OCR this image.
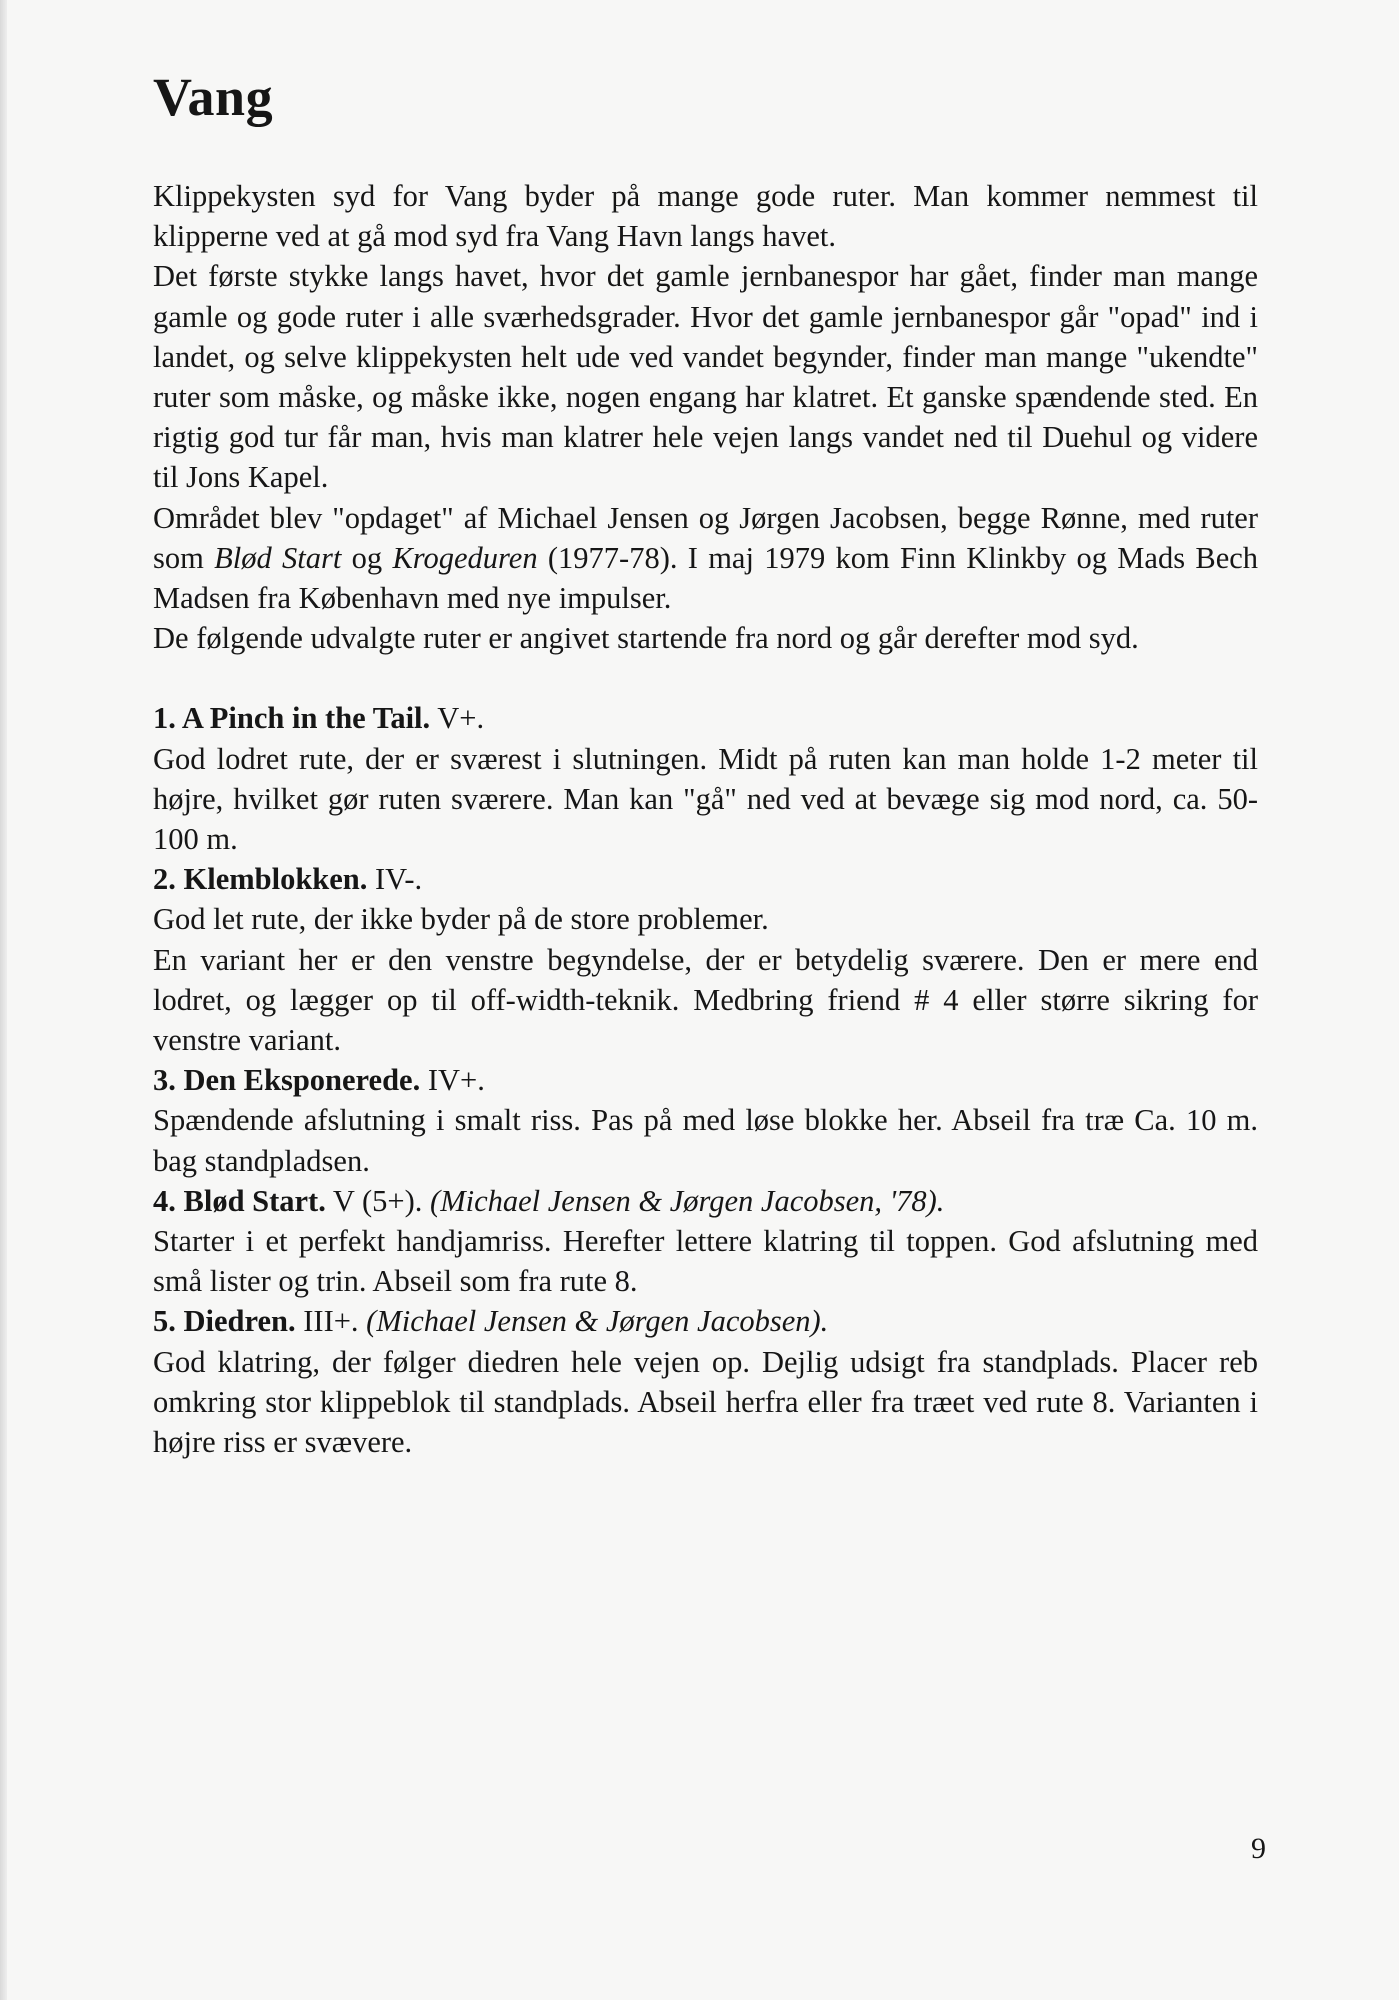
Vang

Klippekysten syd for Vang byder på mange gode ruter. Man kommer nemmest til klipperne ved at gå mod syd fra Vang Havn langs havet.

Det første stykke langs havet, hvor det gamle jernbanespor har gået, finder man mange gamle og gode ruter i alle sværhedsgrader. Hvor det gamle jernbanespor går "opad" ind i landet, og selve klippekysten helt ude ved vandet begynder, finder man mange "ukendte" ruter som måske, og måske ikke, nogen engang har klatret. Et ganske spændende sted. En rigtig god tur får man, hvis man klatrer hele vejen langs vandet ned til Duehul og videre til Jons Kapel.

Området blev "opdaget" af Michael Jensen og Jørgen Jacobsen, begge Rønne, med ruter som Blød Start og Krogeduren (1977-78). I maj 1979 kom Finn Klinkby og Mads Bech Madsen fra København med nye impulser.

De følgende udvalgte ruter er angivet startende fra nord og går derefter mod syd.

1. A Pinch in the Tail. V+.

God lodret rute, der er sværest i slutningen. Midt på ruten kan man holde 1-2 meter til højre, hvilket gør ruten sværere. Man kan "gå" ned ved at bevæge sig mod nord, ca. 50-100 m.

2. Klemblokken. IV-.

God let rute, der ikke byder på de store problemer.

En variant her er den venstre begyndelse, der er betydelig sværere. Den er mere end lodret, og lægger op til off-width-teknik. Medbring friend # 4 eller større sikring for venstre variant.

3. Den Eksponerede. IV+.

Spændende afslutning i smalt riss. Pas på med løse blokke her. Abseil fra træ Ca. 10 m. bag standpladsen.

4. Blød Start. V (5+). (Michael Jensen & Jørgen Jacobsen, '78).

Starter i et perfekt handjamriss. Herefter lettere klatring til toppen. God afslutning med små lister og trin. Abseil som fra rute 8.

5. Diedren. III+. (Michael Jensen & Jørgen Jacobsen).

God klatring, der følger diedren hele vejen op. Dejlig udsigt fra standplads. Placer reb omkring stor klippeblok til standplads. Abseil herfra eller fra træet ved rute 8. Varianten i højre riss er svævere.

9
